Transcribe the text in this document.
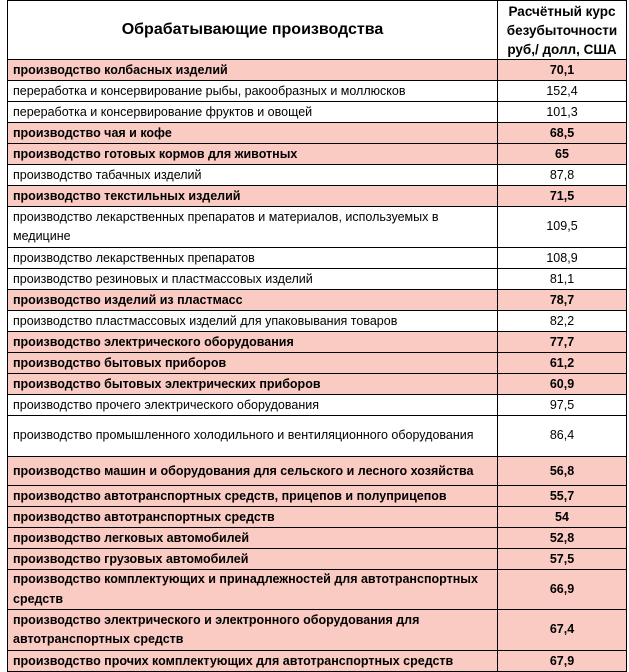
Обрабатывающие производства	Расчётный курс безубыточности руб,/ долл, США
производство колбасных изделий	70,1
переработка и консервирование рыбы, ракообразных и моллюсков	152,4
переработка и консервирование фруктов и овощей	101,3
производство чая и кофе	68,5
производство готовых кормов для животных	65
производство табачных изделий	87,8
производство текстильных изделий	71,5
производство лекарственных препаратов и материалов, используемых в медицине	109,5
производство лекарственных препаратов	108,9
производство резиновых и пластмассовых изделий	81,1
производство изделий из пластмасс	78,7
производство пластмассовых изделий для упаковывания товаров	82,2
производство электрического оборудования	77,7
производство бытовых приборов	61,2
производство бытовых электрических приборов	60,9
производство прочего электрического оборудования	97,5
производство промышленного холодильного и вентиляционного оборудования	86,4
производство машин и оборудования для сельского и лесного хозяйства	56,8
производство автотранспортных средств, прицепов и полуприцепов	55,7
производство автотранспортных средств	54
производство легковых автомобилей	52,8
производство грузовых автомобилей	57,5
производство комплектующих и принадлежностей для автотранспортных средств	66,9
производство электрического и электронного оборудования для автотранспортных средств	67,4
производство прочих комплектующих для автотранспортных средств	67,9
